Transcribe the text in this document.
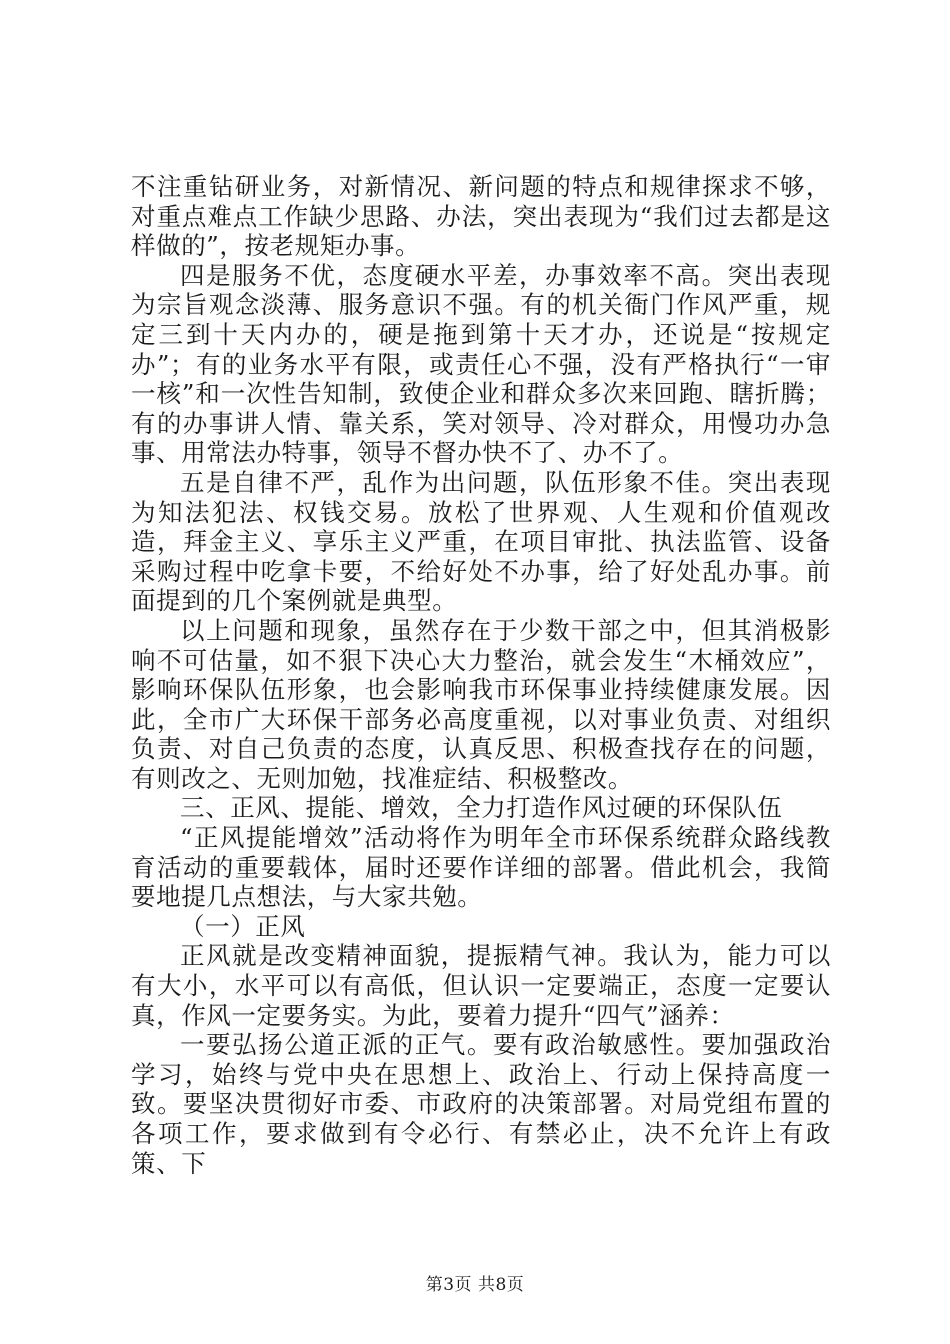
不注重钻研业务，对新情况、新问题的特点和规律探求不够，对重点难点工作缺少思路、办法，突出表现为“我们过去都是这样做的”，按老规矩办事。

四是服务不优，态度硬水平差，办事效率不高。突出表现为宗旨观念淡薄、服务意识不强。有的机关衙门作风严重，规定三到十天内办的，硬是拖到第十天才办，还说是“按规定办”；有的业务水平有限，或责任心不强，没有严格执行“一审一核”和一次性告知制，致使企业和群众多次来回跑、瞎折腾；有的办事讲人情、靠关系，笑对领导、冷对群众，用慢功办急事、用常法办特事，领导不督办快不了、办不了。

五是自律不严，乱作为出问题，队伍形象不佳。突出表现为知法犯法、权钱交易。放松了世界观、人生观和价值观改造，拜金主义、享乐主义严重，在项目审批、执法监管、设备采购过程中吃拿卡要，不给好处不办事，给了好处乱办事。前面提到的几个案例就是典型。

以上问题和现象，虽然存在于少数干部之中，但其消极影响不可估量，如不狠下决心大力整治，就会发生“木桶效应”，影响环保队伍形象，也会影响我市环保事业持续健康发展。因此，全市广大环保干部务必高度重视，以对事业负责、对组织负责、对自己负责的态度，认真反思、积极查找存在的问题，有则改之、无则加勉，找准症结、积极整改。

三、正风、提能、增效，全力打造作风过硬的环保队伍

“正风提能增效”活动将作为明年全市环保系统群众路线教育活动的重要载体，届时还要作详细的部署。借此机会，我简要地提几点想法，与大家共勉。

（一）正风

正风就是改变精神面貌，提振精气神。我认为，能力可以有大小，水平可以有高低，但认识一定要端正，态度一定要认真，作风一定要务实。为此，要着力提升“四气”涵养：

一要弘扬公道正派的正气。要有政治敏感性。要加强政治学习，始终与党中央在思想上、政治上、行动上保持高度一致。要坚决贯彻好市委、市政府的决策部署。对局党组布置的各项工作，要求做到有令必行、有禁必止，决不允许上有政策、下

第3页 共8页
